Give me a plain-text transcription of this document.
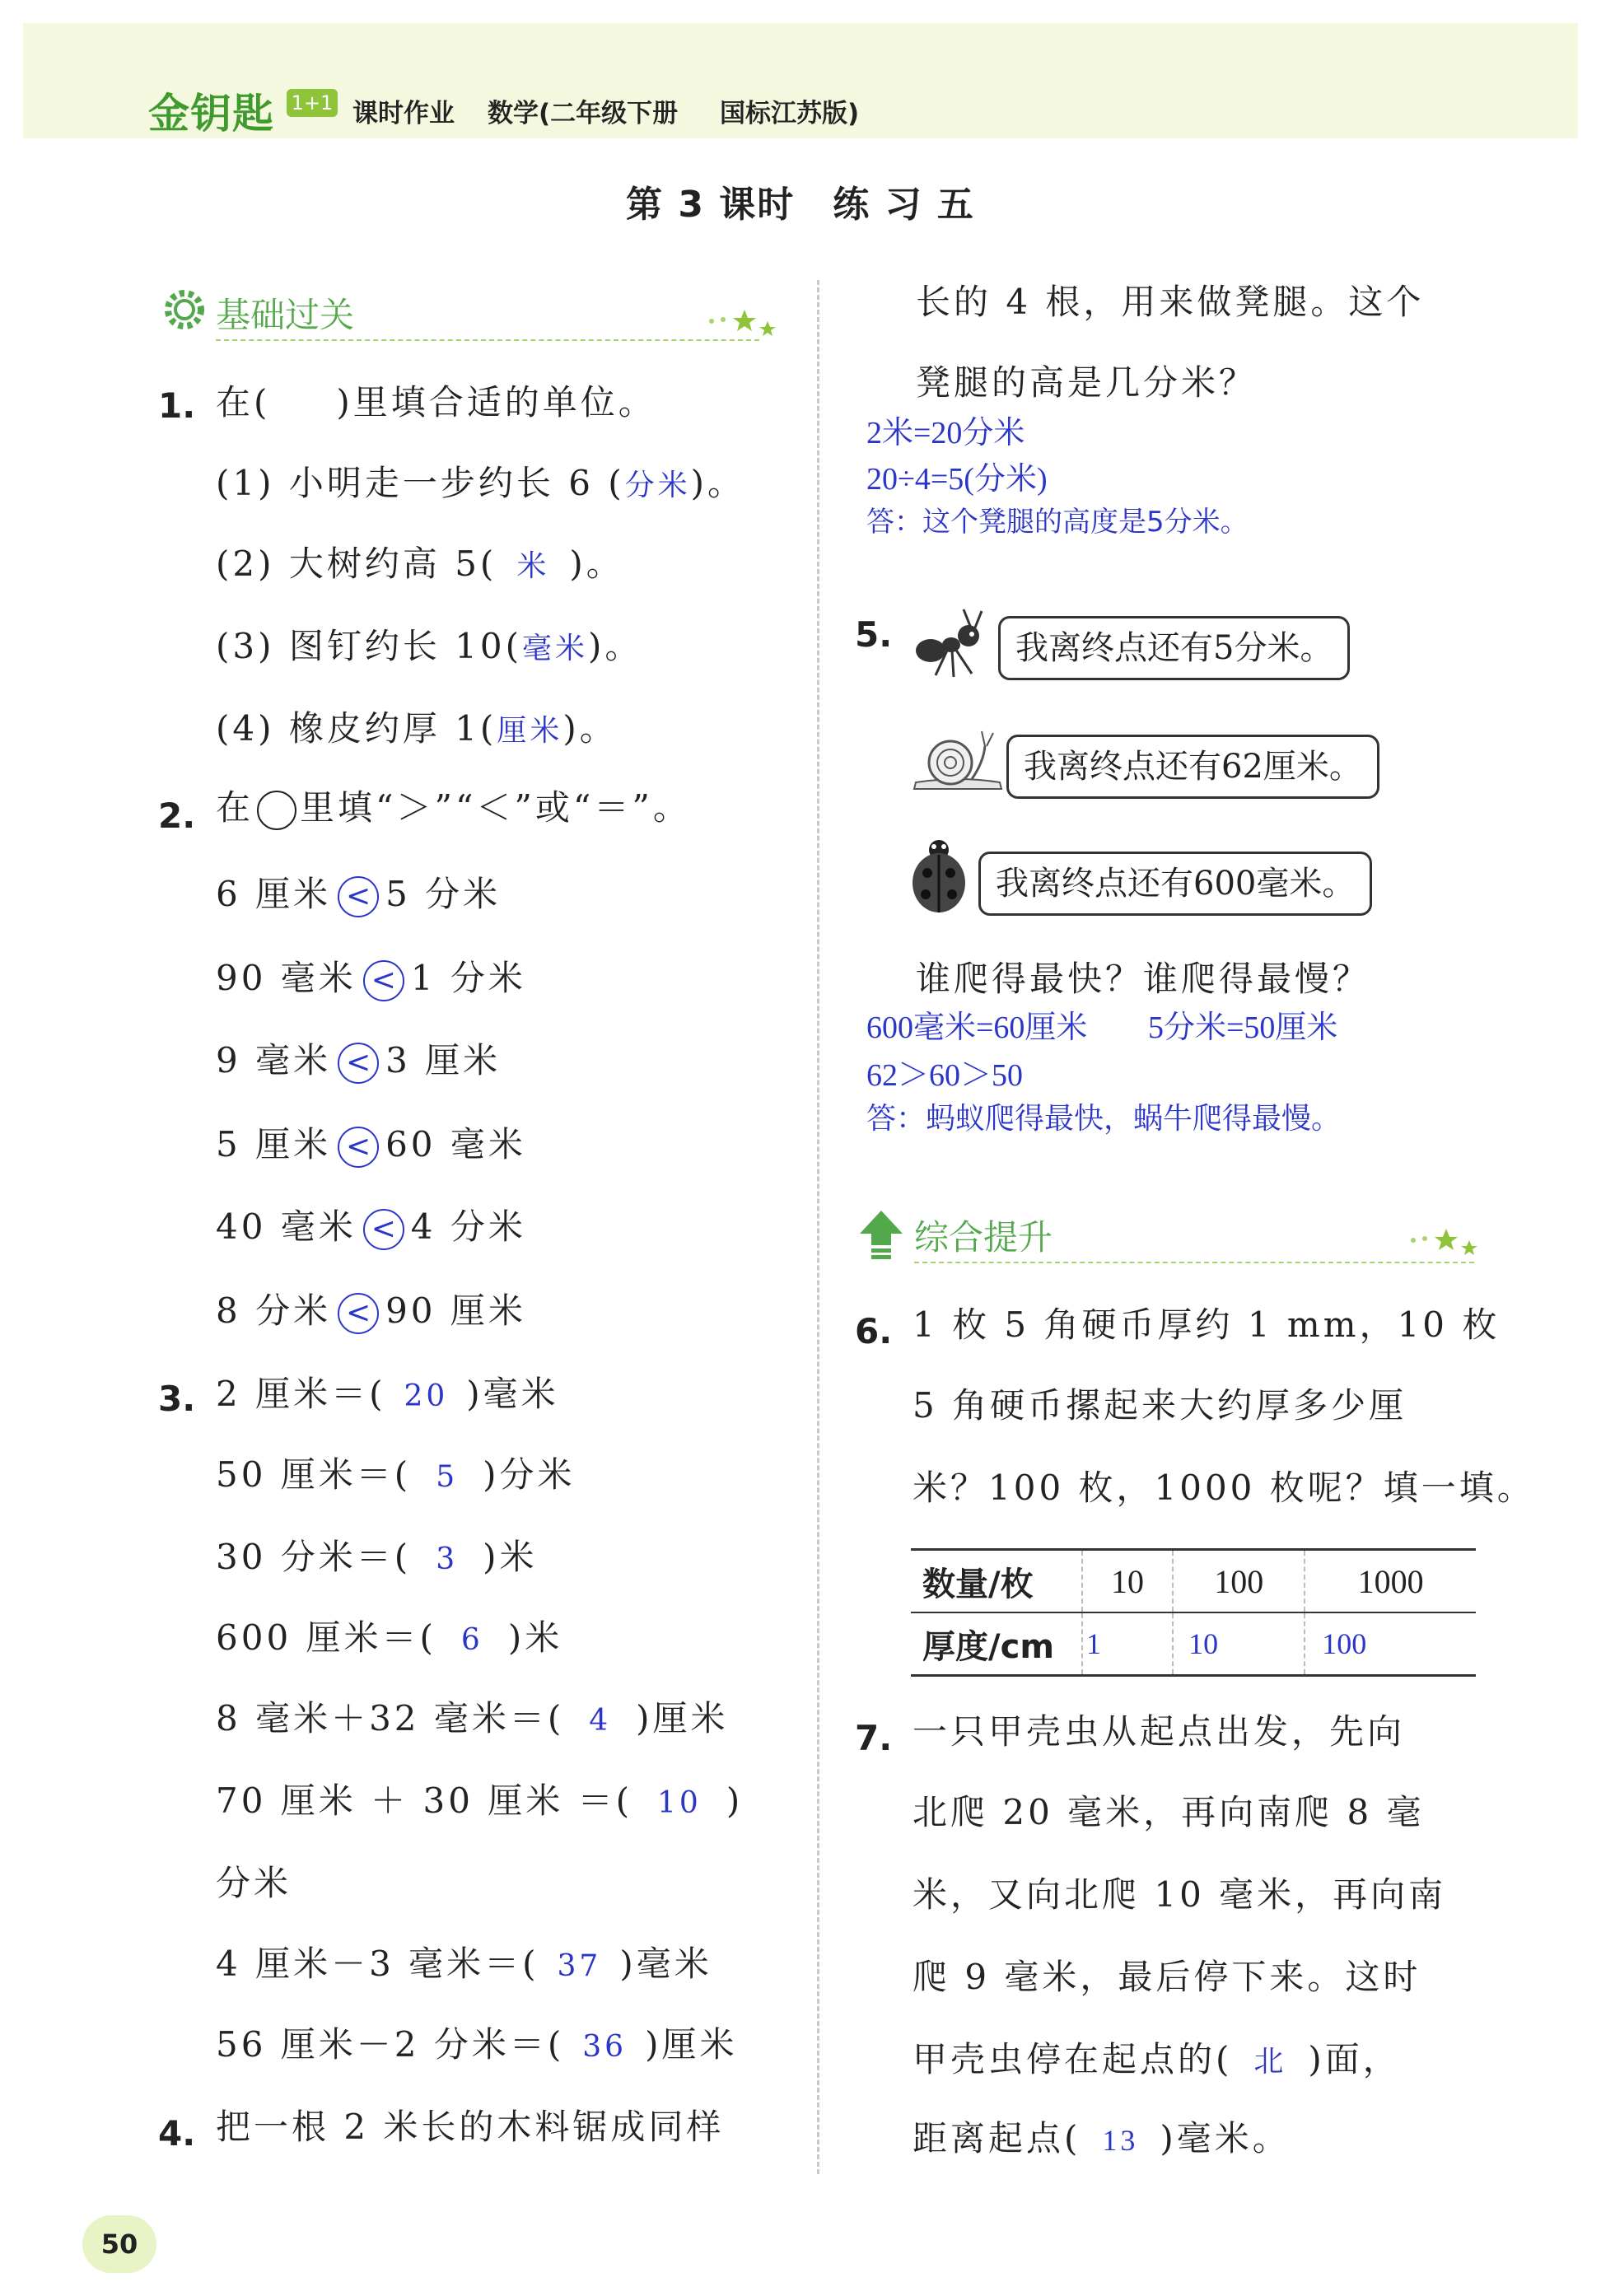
金钥匙 1+1 课时作业 数学(二年级下册 国标江苏版)
第 3 课时　练 习 五
基础过关
1. 在( )里填合适的单位。
(1) 小明走一步约长 6 (分米)。
(2) 大树约高 5( 米 )。
(3) 图钉约长 10(毫米)。
(4) 橡皮约厚 1(厘米)。
2. 在 里填“＞”“＜”或“＝”。
6 厘米 < 5 分米
90 毫米 < 1 分米
9 毫米 < 3 厘米
5 厘米 < 60 毫米
40 毫米 < 4 分米
8 分米 < 90 厘米
3. 2 厘米＝( 20 )毫米
50 厘米＝( 5 )分米
30 分米＝( 3 )米
600 厘米＝( 6 )米
8 毫米＋32 毫米＝( 4 )厘米
70 厘米 ＋ 30 厘米 ＝( 10 )
分米
4 厘米－3 毫米＝( 37 )毫米
56 厘米－2 分米＝( 36 )厘米
4. 把一根 2 米长的木料锯成同样
长的 4 根，用来做凳腿。这个
凳腿的高是几分米？
2米=20分米
20÷4=5(分米)
答：这个凳腿的高度是5分米。
5.	我离终点还有5分米。
我离终点还有62厘米。
我离终点还有600毫米。
谁爬得最快？谁爬得最慢？
600毫米=60厘米 5分米=50厘米
62＞60＞50
答：蚂蚁爬得最快，蜗牛爬得最慢。
综合提升
6. 1 枚 5 角硬币厚约 1 mm，10 枚
5 角硬币摞起来大约厚多少厘
米？100 枚，1000 枚呢？填一填。
数量/枚	10	100	1000
厚度/cm	1	10	100
7. 一只甲壳虫从起点出发，先向
北爬 20 毫米，再向南爬 8 毫
米，又向北爬 10 毫米，再向南
爬 9 毫米，最后停下来。这时
甲壳虫停在起点的( 北 )面，
距离起点( 13 )毫米。
50
